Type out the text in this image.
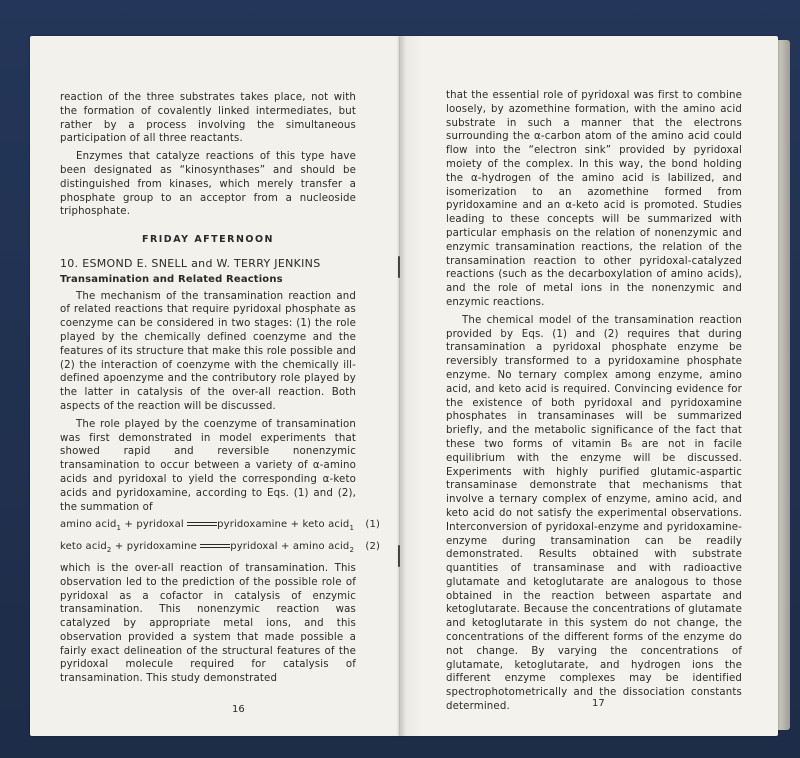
reaction of the three substrates takes place, not with the formation of covalently linked intermediates, but rather by a process involving the simultaneous participation of all three reactants.

Enzymes that catalyze reactions of this type have been designated as “kinosynthases” and should be distinguished from kinases, which merely transfer a phosphate group to an acceptor from a nucleoside triphosphate.

FRIDAY AFTERNOON
10. ESMOND E. SNELL and W. TERRY JENKINS
Transamination and Related Reactions

The mechanism of the transamination reaction and of related reactions that require pyridoxal phosphate as coenzyme can be considered in two stages: (1) the role played by the chemically defined coenzyme and the features of its structure that make this role possible and (2) the interaction of coenzyme with the chemically ill-defined apoenzyme and the contributory role played by the latter in catalysis of the over-all reaction. Both aspects of the reaction will be discussed.

The role played by the coenzyme of transamination was first demonstrated in model experiments that showed rapid and reversible nonenzymic transamination to occur between a variety of α-amino acids and pyridoxal to yield the corresponding α-keto acids and pyridoxamine, according to Eqs. (1) and (2), the summation of

amino acid$_1$ + pyridoxal	pyridoxamine + keto acid$_1$ (1)
keto acid$_2$ + pyridoxamine	pyridoxal + amino acid$_2$ (2)

which is the over-all reaction of transamination. This observation led to the prediction of the possible role of pyridoxal as a cofactor in catalysis of enzymic transamination. This nonenzymic reaction was catalyzed by appropriate metal ions, and this observation provided a system that made possible a fairly exact delineation of the structural features of the pyridoxal molecule required for catalysis of transamination. This study demonstrated

16

that the essential role of pyridoxal was first to combine loosely, by azomethine formation, with the amino acid substrate in such a manner that the electrons surrounding the α-carbon atom of the amino acid could flow into the “electron sink” provided by pyridoxal moiety of the complex. In this way, the bond holding the α-hydrogen of the amino acid is labilized, and isomerization to an azomethine formed from pyridoxamine and an α-keto acid is promoted. Studies leading to these concepts will be summarized with particular emphasis on the relation of nonenzymic and enzymic transamination reactions, the relation of the transamination reaction to other pyridoxal-catalyzed reactions (such as the decarboxylation of amino acids), and the role of metal ions in the nonenzymic and enzymic reactions.

The chemical model of the transamination reaction provided by Eqs. (1) and (2) requires that during transamination a pyridoxal phosphate enzyme be reversibly transformed to a pyridoxamine phosphate enzyme. No ternary complex among enzyme, amino acid, and keto acid is required. Convincing evidence for the existence of both pyridoxal and pyridoxamine phosphates in transaminases will be summarized briefly, and the metabolic significance of the fact that these two forms of vitamin B₆ are not in facile equilibrium with the enzyme will be discussed. Experiments with highly purified glutamic-aspartic transaminase demonstrate that mechanisms that involve a ternary complex of enzyme, amino acid, and keto acid do not satisfy the experimental observations. Interconversion of pyridoxal-enzyme and pyridoxamine-enzyme during transamination can be readily demonstrated. Results obtained with substrate quantities of transaminase and with radioactive glutamate and ketoglutarate are analogous to those obtained in the reaction between aspartate and ketoglutarate. Because the concentrations of glutamate and ketoglutarate in this system do not change, the concentrations of the different forms of the enzyme do not change. By varying the concentrations of glutamate, ketoglutarate, and hydrogen ions the different enzyme complexes may be identified spectrophotometrically and the dissociation constants determined.	17
